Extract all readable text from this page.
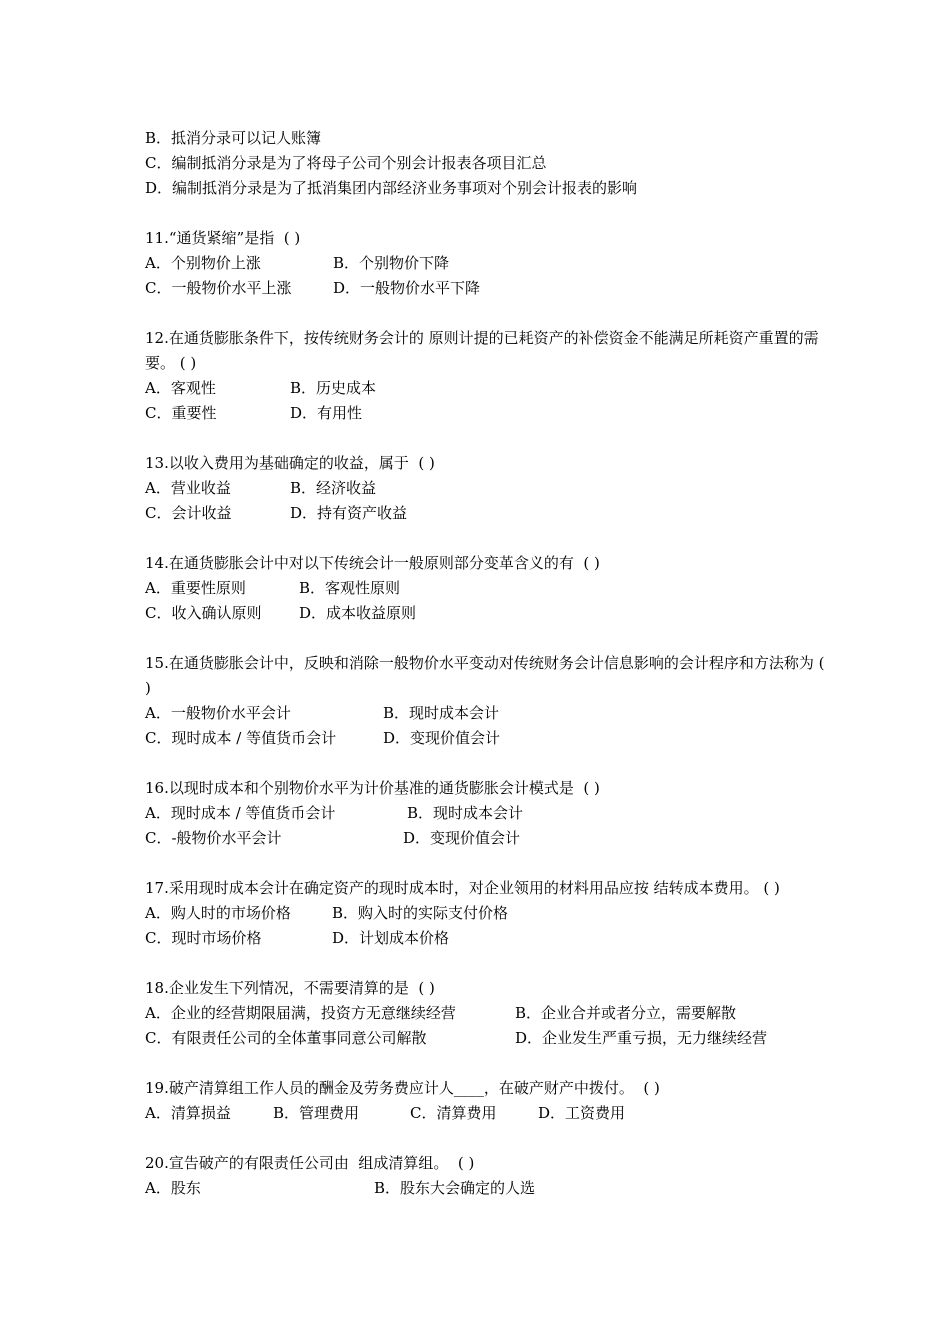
B．抵消分录可以记人账簿
C．编制抵消分录是为了将母子公司个别会计报表各项目汇总
D．编制抵消分录是为了抵消集团内部经济业务事项对个别会计报表的影响
11.“通货紧缩”是指  ( )
A．个别物价上涨	B．个别物价下降
C．一般物价水平上涨	D．一般物价水平下降
12.在通货膨胀条件下，按传统财务会计的 原则计提的已耗资产的补偿资金不能满足所耗资产重置的需要。 ( )
A．客观性	B．历史成本
C．重要性	D．有用性
13.以收入费用为基础确定的收益，属于  ( )
A．营业收益	B．经济收益
C．会计收益	D．持有资产收益
14.在通货膨胀会计中对以下传统会计一般原则部分变革含义的有  ( )
A．重要性原则	B．客观性原则
C．收入确认原则	D．成本收益原则
15.在通货膨胀会计中，反映和消除一般物价水平变动对传统财务会计信息影响的会计程序和方法称为 ( )
A．一般物价水平会计	B．现时成本会计
C．现时成本 / 等值货币会计	D．变现价值会计
16.以现时成本和个别物价水平为计价基准的通货膨胀会计模式是  ( )
A．现时成本 / 等值货币会计	B．现时成本会计
C．-般物价水平会计	D．变现价值会计
17.采用现时成本会计在确定资产的现时成本时，对企业领用的材料用品应按 结转成本费用。 ( )
A．购人时的市场价格	B．购入时的实际支付价格
C．现时市场价格	D．计划成本价格
18.企业发生下列情况，不需要清算的是  ( )
A．企业的经营期限届满，投资方无意继续经营	B．企业合并或者分立，需要解散
C．有限责任公司的全体董事同意公司解散	D．企业发生严重亏损，无力继续经营
19.破产清算组工作人员的酬金及劳务费应计人____，在破产财产中拨付。  ( )
A．清算损益	B．管理费用	C．清算费用	D．工资费用
20.宣告破产的有限责任公司由  组成清算组。  ( )
A．股东	B．股东大会确定的人选
